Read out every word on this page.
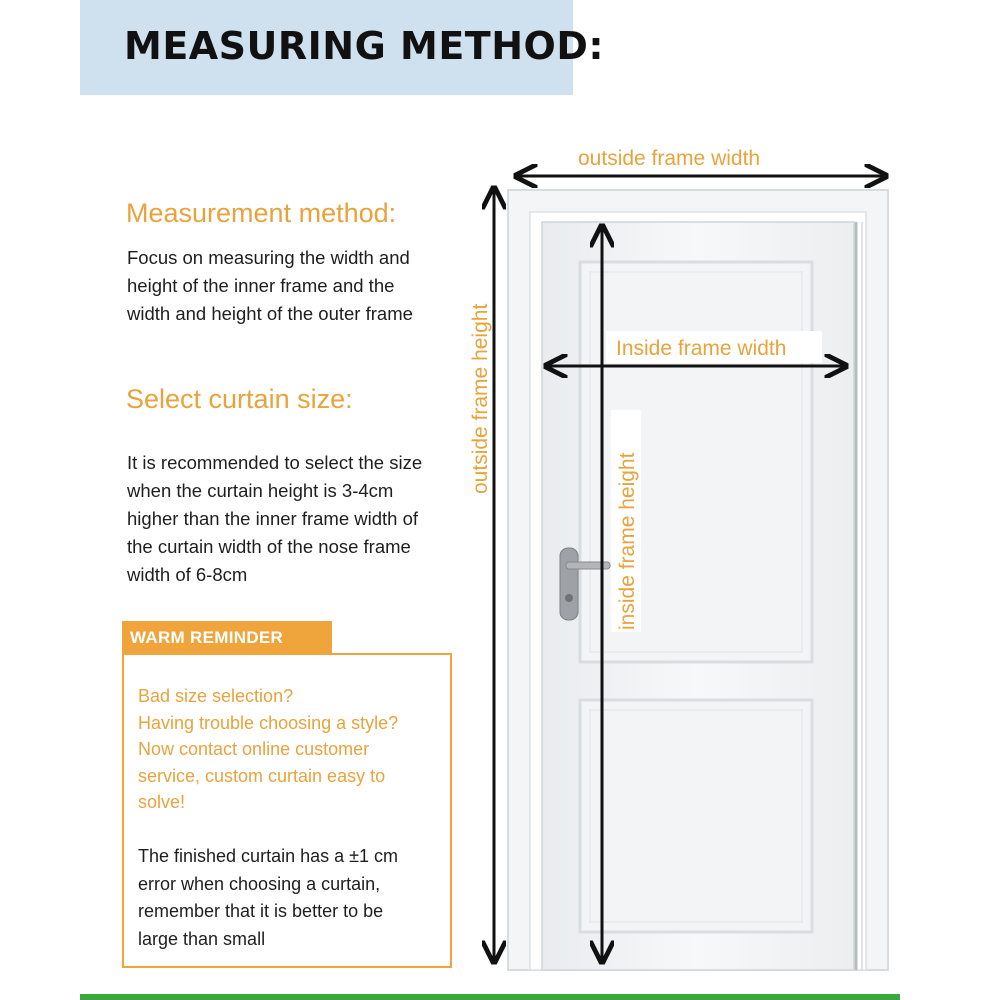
MEASURING METHOD:
Measurement method:
Focus on measuring the width and
height of the inner frame and the
width and height of the outer frame
Select curtain size:
It is recommended to select the size
when the curtain height is 3-4cm
higher than the inner frame width of
the curtain width of the nose frame
width of 6-8cm
WARM REMINDER
Bad size selection?
Having trouble choosing a style?
Now contact online customer
service, custom curtain easy to
solve!
The finished curtain has a ±1 cm
error when choosing a curtain,
remember that it is better to be
large than small
outside frame width
outside frame height	Inside frame width
inside frame height
